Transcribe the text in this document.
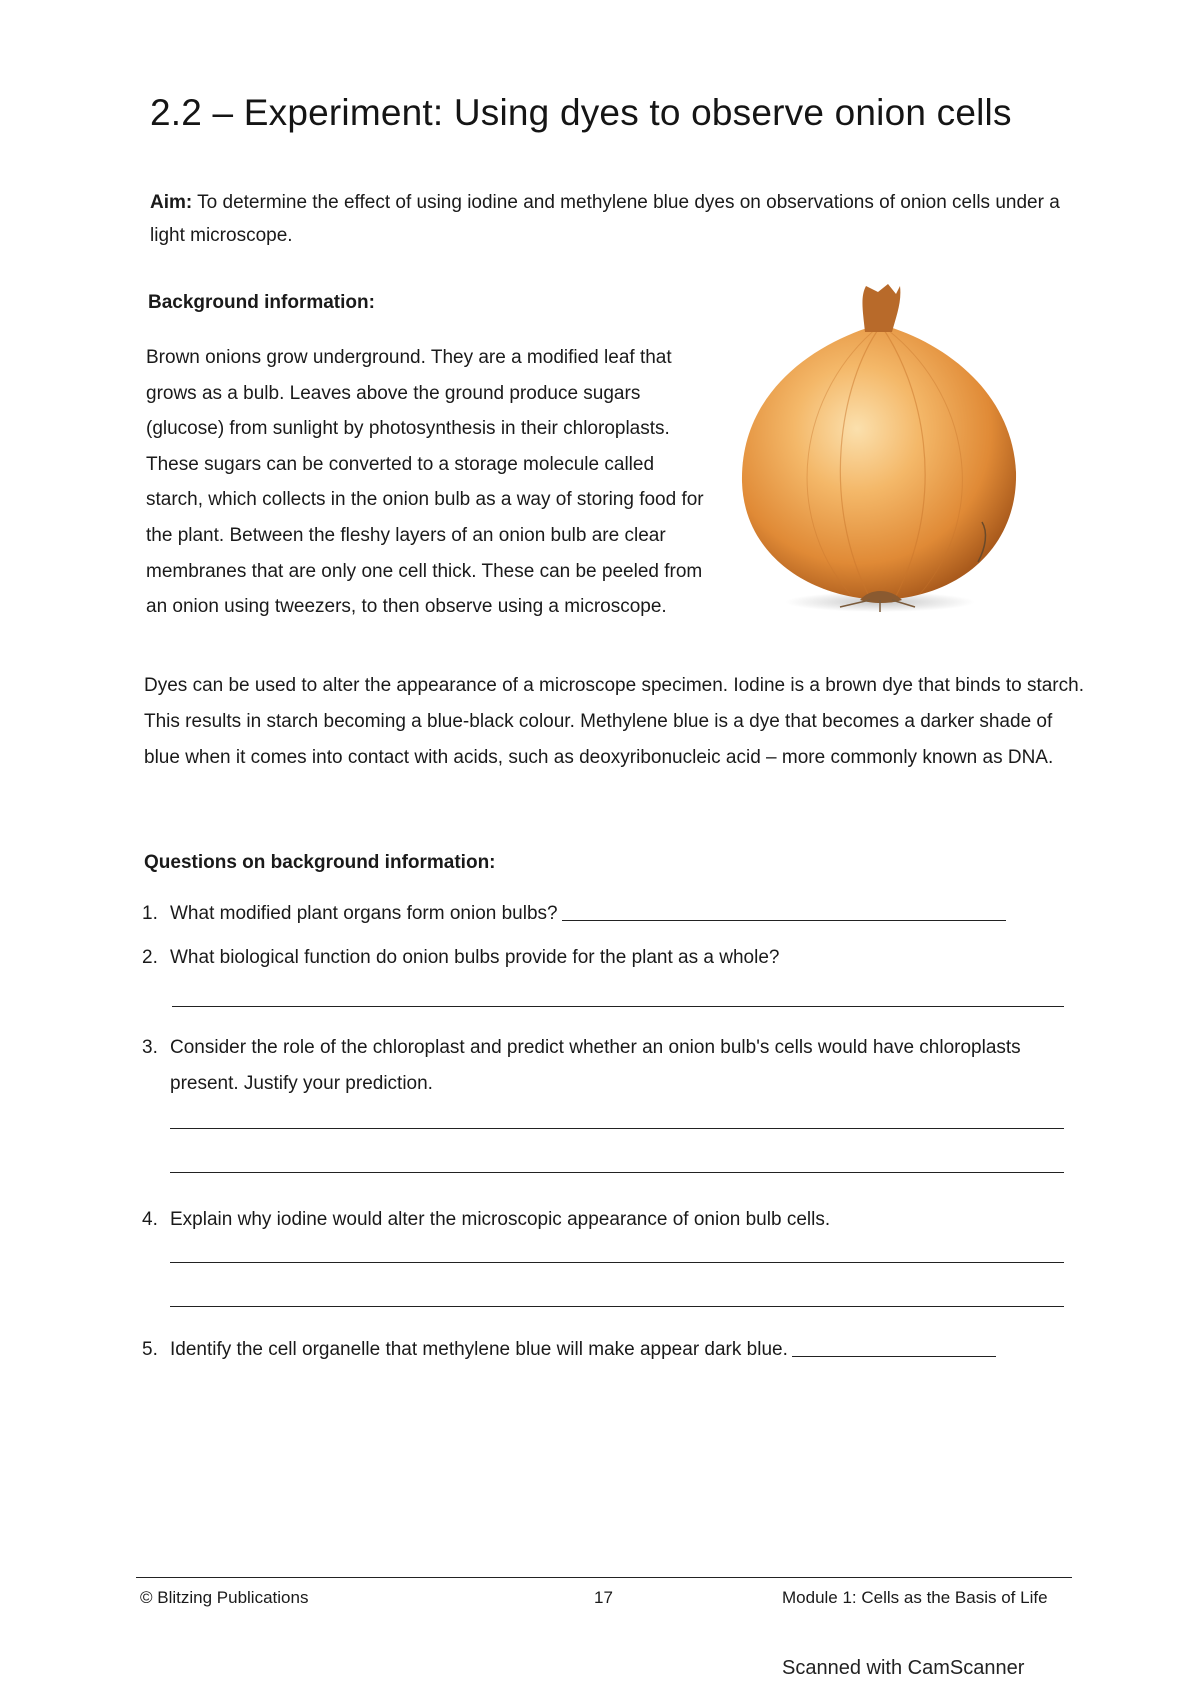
2.2 – Experiment: Using dyes to observe onion cells
Aim: To determine the effect of using iodine and methylene blue dyes on observations of onion cells under a light microscope.
Background information:
Brown onions grow underground. They are a modified leaf that grows as a bulb. Leaves above the ground produce sugars (glucose) from sunlight by photosynthesis in their chloroplasts. These sugars can be converted to a storage molecule called starch, which collects in the onion bulb as a way of storing food for the plant. Between the fleshy layers of an onion bulb are clear membranes that are only one cell thick. These can be peeled from an onion using tweezers, to then observe using a microscope.
Dyes can be used to alter the appearance of a microscope specimen. Iodine is a brown dye that binds to starch. This results in starch becoming a blue-black colour. Methylene blue is a dye that becomes a darker shade of blue when it comes into contact with acids, such as deoxyribonucleic acid – more commonly known as DNA.
Questions on background information:
1. What modified plant organs form onion bulbs?
2. What biological function do onion bulbs provide for the plant as a whole?
3. Consider the role of the chloroplast and predict whether an onion bulb's cells would have chloroplasts present. Justify your prediction.
4. Explain why iodine would alter the microscopic appearance of onion bulb cells.
5. Identify the cell organelle that methylene blue will make appear dark blue.
© Blitzing Publications	17	Module 1: Cells as the Basis of Life
Scanned with CamScanner
